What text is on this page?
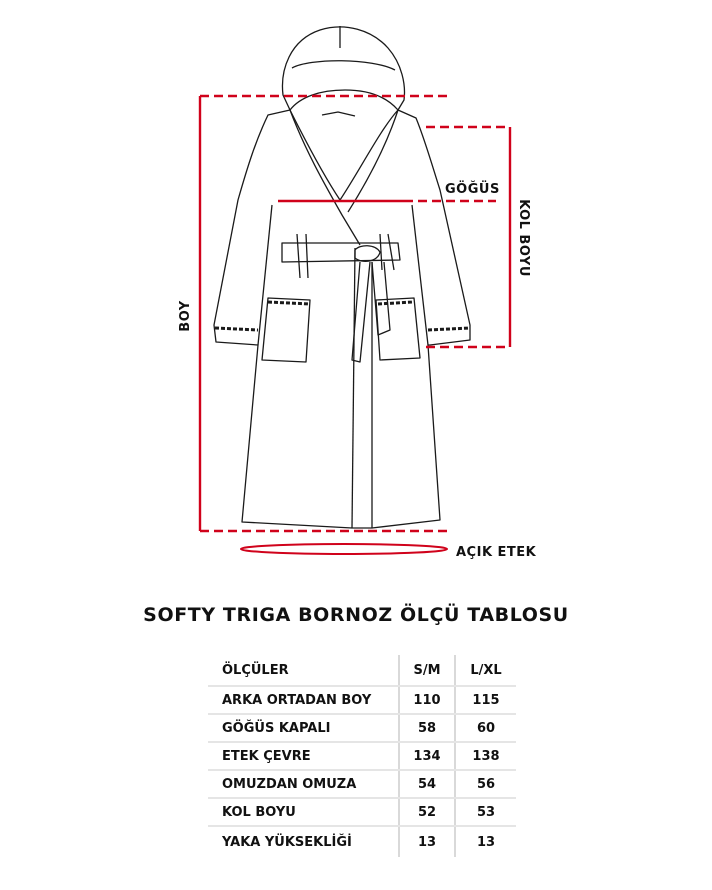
BOY
GÖĞÜS
KOL BOYU
AÇIK ETEK
SOFTY TRIGA BORNOZ ÖLÇÜ TABLOSU
ÖLÇÜLER	S/M	L/XL
ARKA ORTADAN BOY	110	115
GÖĞÜS KAPALI	58	60
ETEK ÇEVRE	134	138
OMUZDAN OMUZA	54	56
KOL BOYU	52	53
YAKA YÜKSEKLİĞİ	13	13
